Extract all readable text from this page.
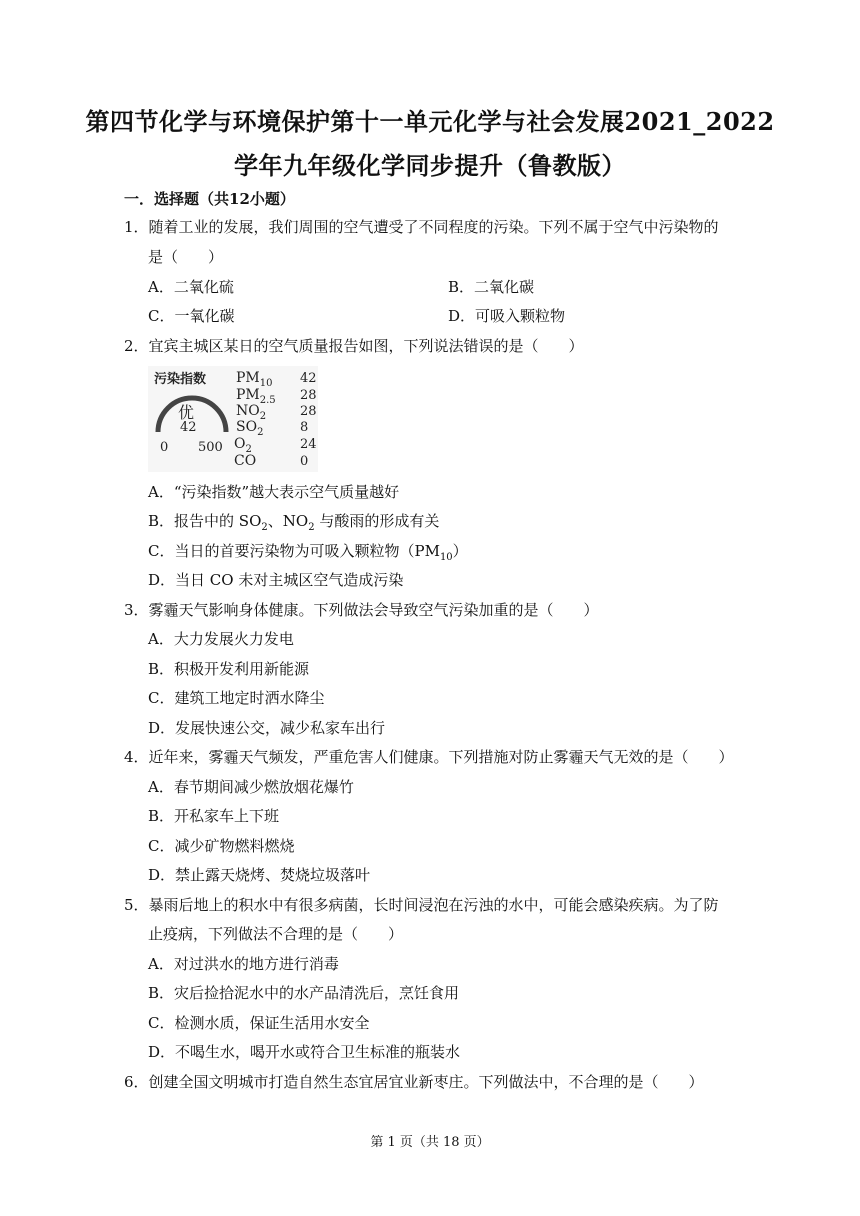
第四节化学与环境保护第十一单元化学与社会发展2021_2022
学年九年级化学同步提升（鲁教版）
一．选择题（共12小题）
1．随着工业的发展，我们周围的空气遭受了不同程度的污染。下列不属于空气中污染物的
是（　　）
A．二氧化硫	B．二氧化碳
C．一氧化碳	D．可吸入颗粒物
2．宜宾主城区某日的空气质量报告如图，下列说法错误的是（　　）
污染指数
优
42
0 500
$PM_{10}$ 42
$PM_{2.5}$ 28
$NO_2$	28
$SO_2$	8
$O_2$	24
CO	0
A．“污染指数”越大表示空气质量越好
B．报告中的 $SO_2$、$NO_2$ 与酸雨的形成有关
C．当日的首要污染物为可吸入颗粒物$(PM_{10})$
D．当日 CO 未对主城区空气造成污染
3．雾霾天气影响身体健康。下列做法会导致空气污染加重的是（　　）
A．大力发展火力发电
B．积极开发利用新能源
C．建筑工地定时洒水降尘
D．发展快速公交，减少私家车出行
4．近年来，雾霾天气频发，严重危害人们健康。下列措施对防止雾霾天气无效的是（　　）
A．春节期间减少燃放烟花爆竹
B．开私家车上下班
C．减少矿物燃料燃烧
D．禁止露天烧烤、焚烧垃圾落叶
5．暴雨后地上的积水中有很多病菌，长时间浸泡在污浊的水中，可能会感染疾病。为了防
止疫病，下列做法不合理的是（　　）
A．对过洪水的地方进行消毒
B．灾后捡拾泥水中的水产品清洗后，烹饪食用
C．检测水质，保证生活用水安全
D．不喝生水，喝开水或符合卫生标准的瓶装水
6．创建全国文明城市打造自然生态宜居宜业新枣庄。下列做法中，不合理的是（　　）
第 1 页（共 18 页）
